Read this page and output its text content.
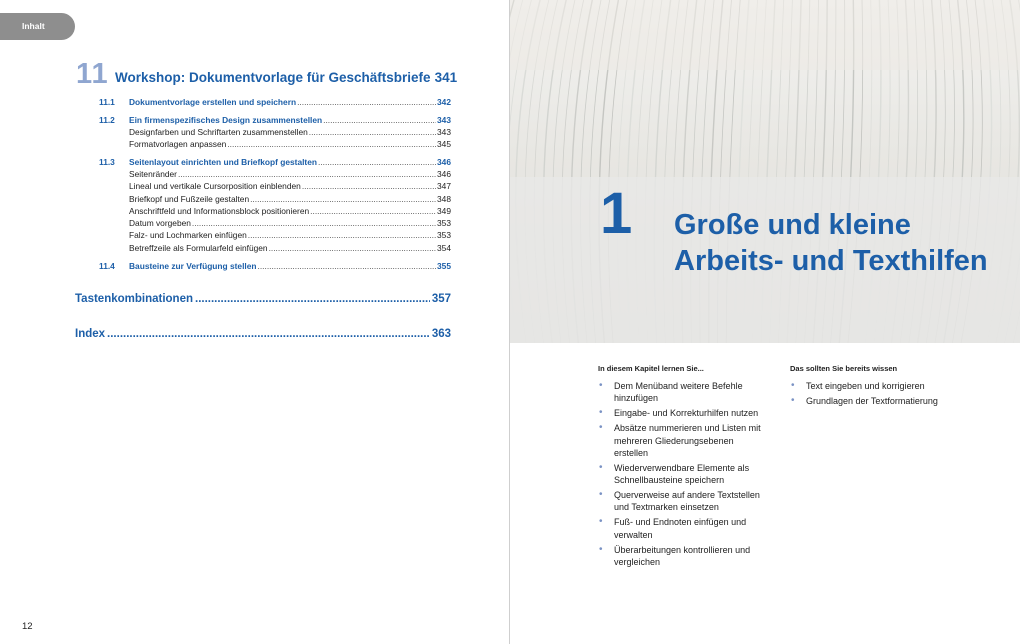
Inhalt
11 Workshop: Dokumentvorlage für Geschäftsbriefe 341
11.1	Dokumentvorlage erstellen und speichern .....	342
11.2	Ein firmenspezifisches Design zusammenstellen .....	343
Designfarben und Schriftarten zusammenstellen .....	343
Formatvorlagen anpassen .....	345
11.3	Seitenlayout einrichten und Briefkopf gestalten .....	346
Seitenränder .....	346
Lineal und vertikale Cursorposition einblenden .....	347
Briefkopf und Fußzeile gestalten .....	348
Anschriftfeld und Informationsblock positionieren .....	349
Datum vorgeben .....	353
Falz- und Lochmarken einfügen .....	353
Betreffzeile als Formularfeld einfügen .....	354
11.4	Bausteine zur Verfügung stellen .....	355
Tastenkombinationen .....	357
Index .....	363
12
1 Große und kleine
Arbeits- und Texthilfen
In diesem Kapitel lernen Sie...
• Dem Menüband weitere Befehle hinzufügen
• Eingabe- und Korrekturhilfen nutzen
• Absätze nummerieren und Listen mit mehreren Gliederungsebenen erstellen
• Wiederverwendbare Elemente als Schnellbausteine speichern
• Querverweise auf andere Textstellen und Textmarken einsetzen
• Fuß- und Endnoten einfügen und verwalten
• Überarbeitungen kontrollieren und vergleichen
Das sollten Sie bereits wissen
• Text eingeben und korrigieren
• Grundlagen der Textformatierung
